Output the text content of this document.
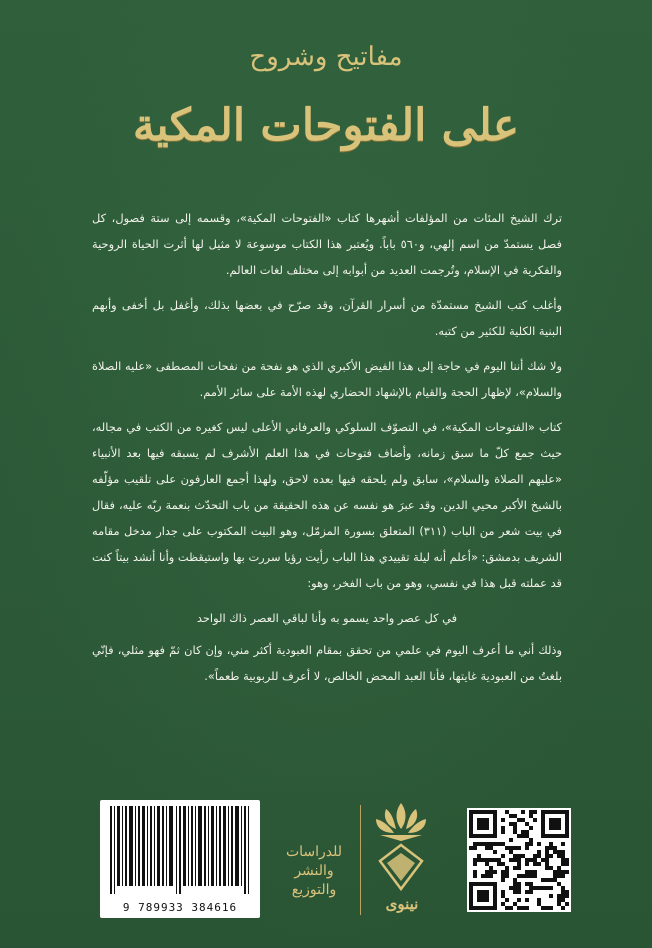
مفاتيح وشروح
على الفتوحات المكية

ترك الشيخ المئات من المؤلفات أشهرها كتاب «الفتوحات المكية»، وقسمه إلى ستة فصول، كل فصل يستمدّ من اسم إلهي، و٥٦٠ باباً. ويُعتبر هذا الكتاب موسوعة لا مثيل لها أثرت الحياة الروحية والفكرية في الإسلام، وتُرجمت العديد من أبوابه إلى مختلف لغات العالم.

وأغلب كتب الشيخ مستمدّة من أسرار القرآن، وقد صرّح في بعضها بذلك، وأغفل بل أخفى وأبهم البنية الكلية للكثير من كتبه.

ولا شك أننا اليوم في حاجة إلى هذا الفيض الأكبري الذي هو نفحة من نفحات المصطفى «عليه الصلاة والسلام»، لإظهار الحجة والقيام بالإشهاد الحضاري لهذه الأمة على سائر الأمم.

كتاب «الفتوحات المكية»، في التصوّف السلوكي والعرفاني الأعلى ليس كغيره من الكتب في مجاله، حيث جمع كلّ ما سبق زمانه، وأضاف فتوحات في هذا العلم الأشرف لم يسبقه فيها بعد الأنبياء «عليهم الصلاة والسلام»، سابق ولم يلحقه فيها بعده لاحق، ولهذا أجمع العارفون على تلقيب مؤلّفه بالشيخ الأكبر محيي الدين. وقد عبرَ هو نفسه عن هذه الحقيقة من باب التحدّث بنعمة ربّه عليه، فقال في بيت شعر من الباب (٣١١) المتعلق بسورة المزمّل، وهو البيت المكتوب على جدار مدخل مقامه الشريف بدمشق: «أعلم أنه ليلة تقييدي هذا الباب رأيت رؤيا سررت بها واستيقظت وأنا أنشد بيتاً كنت قد عملته قبل هذا في نفسي، وهو من باب الفخر، وهو:

في كل عصر واحد يسمو به وأنا لباقي العصر ذاك الواحد

وذلك أني ما أعرف اليوم في علمي من تحقق بمقام العبودية أكثر مني، وإن كان ثمّ فهو مثلي، فإنّي بلغتُ من العبودية غايتها، فأنا العبد المحض الخالص، لا أعرف للربوبية طعماً».

9 789933 384616
للدراسات
والنشر
والتوزيع
نينوى
